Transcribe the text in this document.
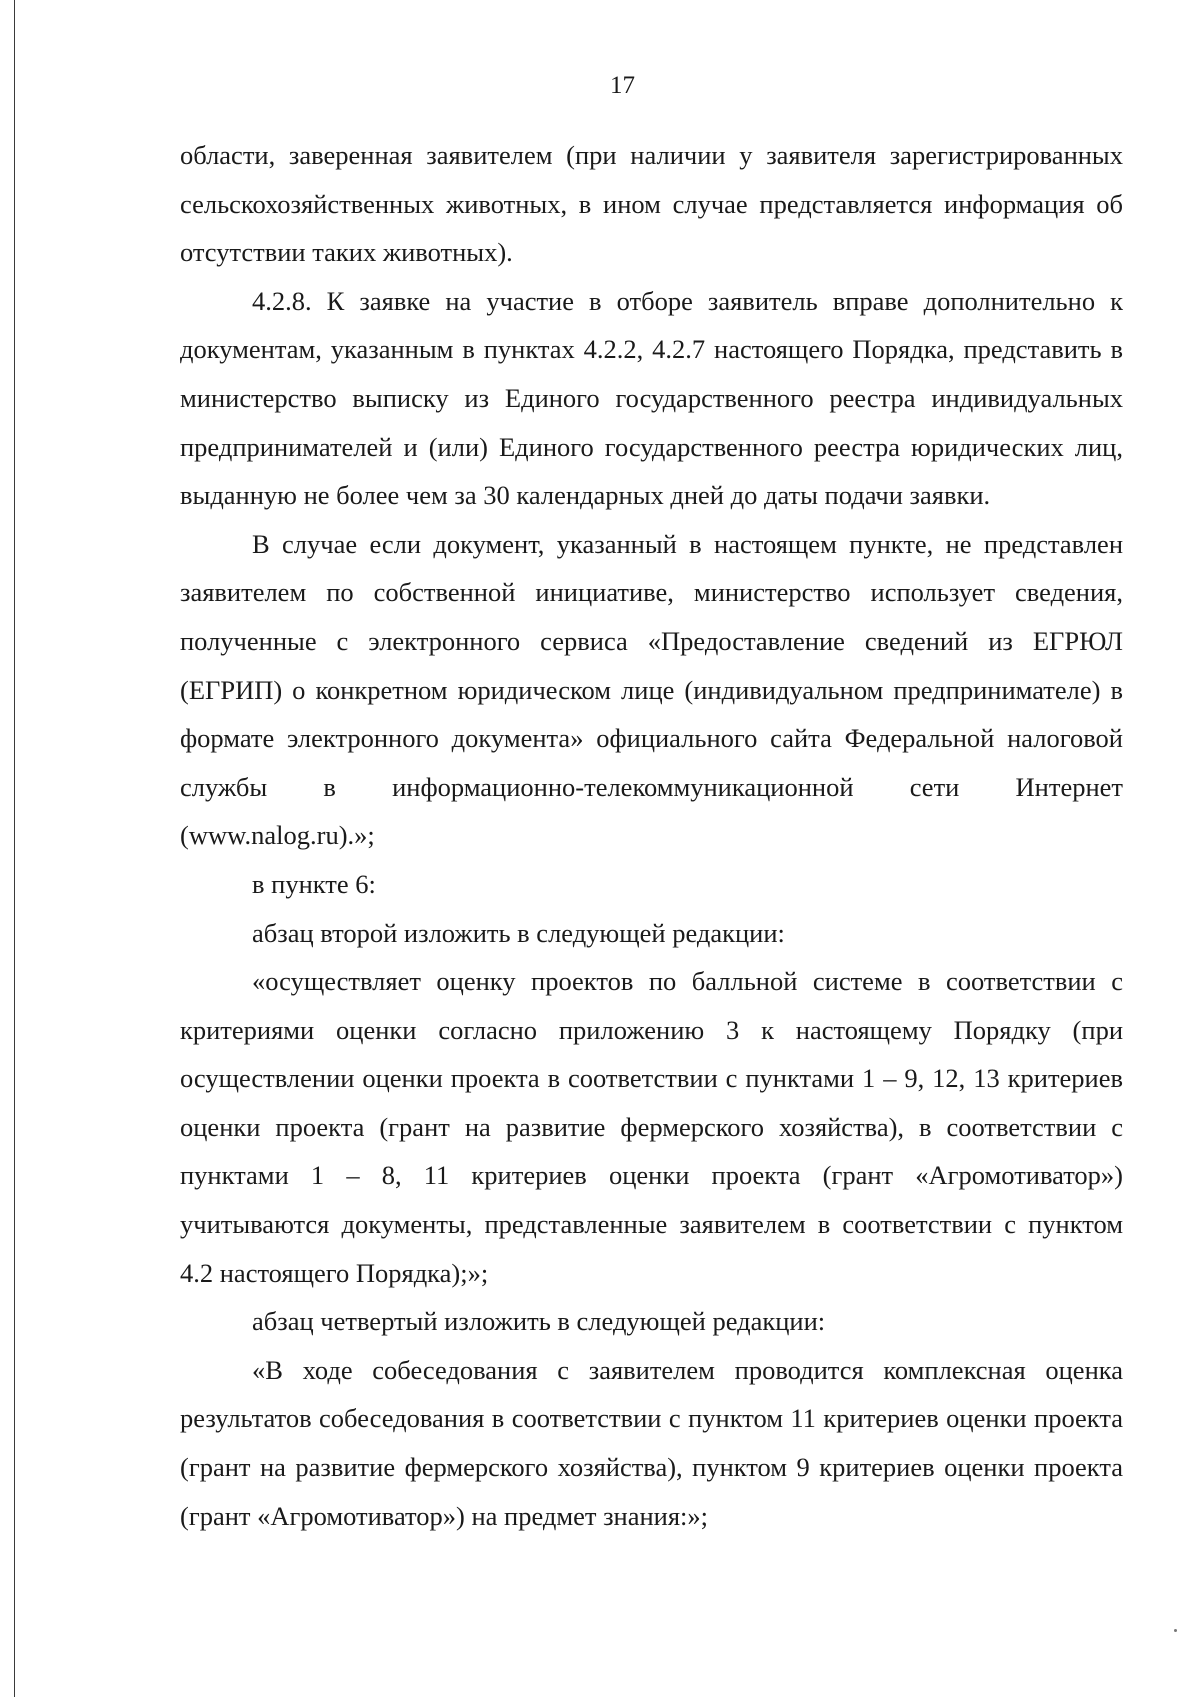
17

области, заверенная заявителем (при наличии у заявителя зарегистрированных сельскохозяйственных животных, в ином случае представляется информация об отсутствии таких животных).

4.2.8. К заявке на участие в отборе заявитель вправе дополнительно к документам, указанным в пунктах 4.2.2, 4.2.7 настоящего Порядка, представить в министерство выписку из Единого государственного реестра индивидуальных предпринимателей и (или) Единого государственного реестра юридических лиц, выданную не более чем за 30 календарных дней до даты подачи заявки.

В случае если документ, указанный в настоящем пункте, не представлен заявителем по собственной инициативе, министерство использует сведения, полученные с электронного сервиса «Предоставление сведений из ЕГРЮЛ (ЕГРИП) о конкретном юридическом лице (индивидуальном предпринимателе) в формате электронного документа» официального сайта Федеральной налоговой службы в информационно-телекоммуникационной сети Интернет (www.nalog.ru).»;

в пункте 6:

абзац второй изложить в следующей редакции:

«осуществляет оценку проектов по балльной системе в соответствии с критериями оценки согласно приложению 3 к настоящему Порядку (при осуществлении оценки проекта в соответствии с пунктами 1 – 9, 12, 13 критериев оценки проекта (грант на развитие фермерского хозяйства), в соответствии с пунктами 1 – 8, 11 критериев оценки проекта (грант «Агромотиватор») учитываются документы, представленные заявителем в соответствии с пунктом 4.2 настоящего Порядка);»;

абзац четвертый изложить в следующей редакции:

«В ходе собеседования с заявителем проводится комплексная оценка результатов собеседования в соответствии с пунктом 11 критериев оценки проекта (грант на развитие фермерского хозяйства), пунктом 9 критериев оценки проекта (грант «Агромотиватор») на предмет знания:»;
